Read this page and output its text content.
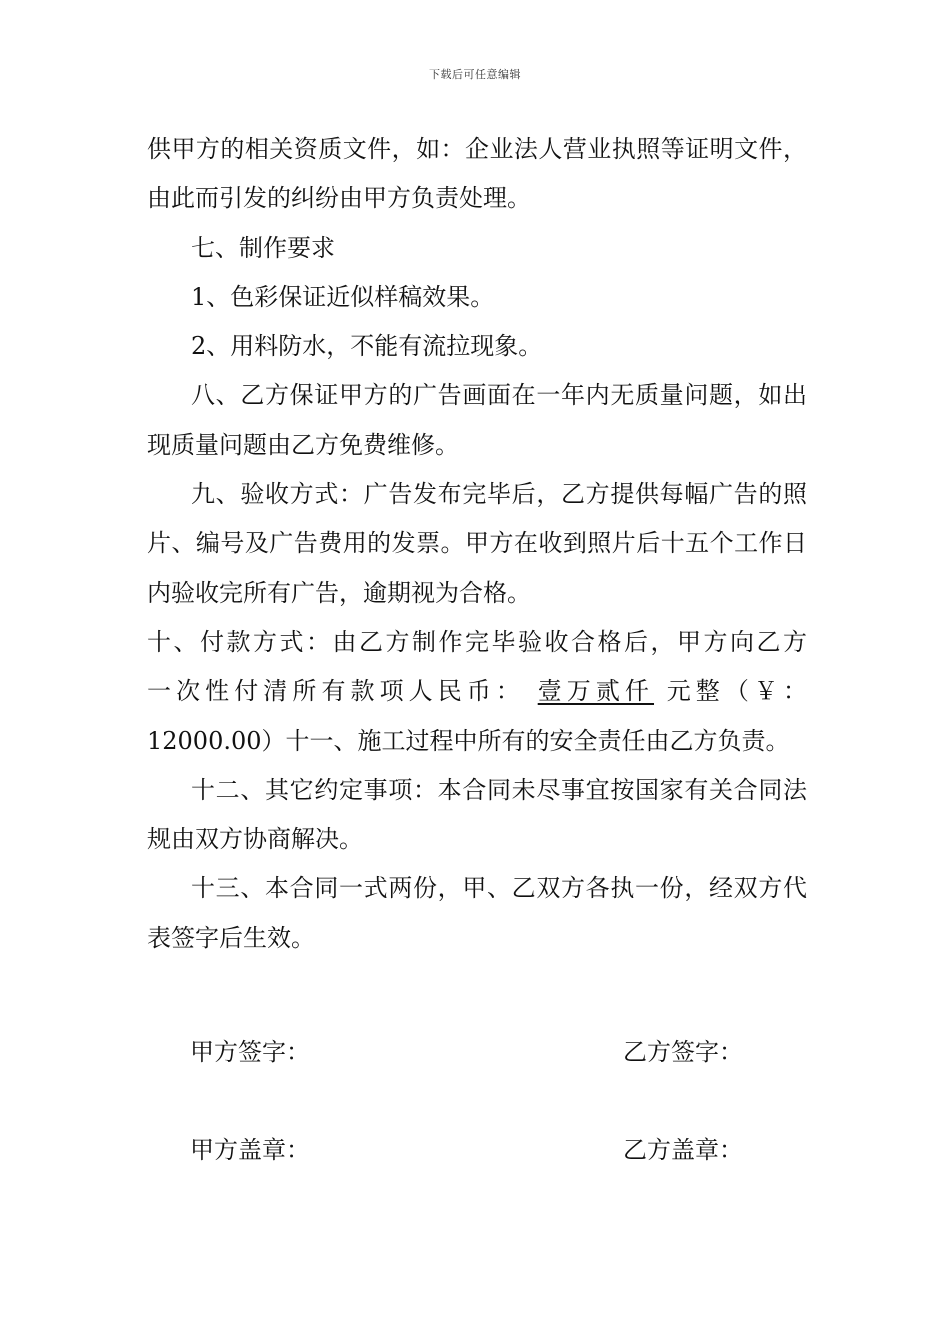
下载后可任意编辑

供甲方的相关资质文件，如：企业法人营业执照等证明文件，由此而引发的纠纷由甲方负责处理。

七、制作要求

1、色彩保证近似样稿效果。

2、用料防水，不能有流拉现象。

八、乙方保证甲方的广告画面在一年内无质量问题，如出现质量问题由乙方免费维修。

九、验收方式：广告发布完毕后，乙方提供每幅广告的照片、编号及广告费用的发票。甲方在收到照片后十五个工作日内验收完所有广告，逾期视为合格。

十、付款方式：由乙方制作完毕验收合格后，甲方向乙方
一次性付清所有款项人民币： 壹万贰仟 元整（￥：
12000.00）十一、施工过程中所有的安全责任由乙方负责。

十二、其它约定事项：本合同未尽事宜按国家有关合同法规由双方协商解决。

十三、本合同一式两份，甲、乙双方各执一份，经双方代表签字后生效。

甲方签字：	乙方签字：
甲方盖章：	乙方盖章：
